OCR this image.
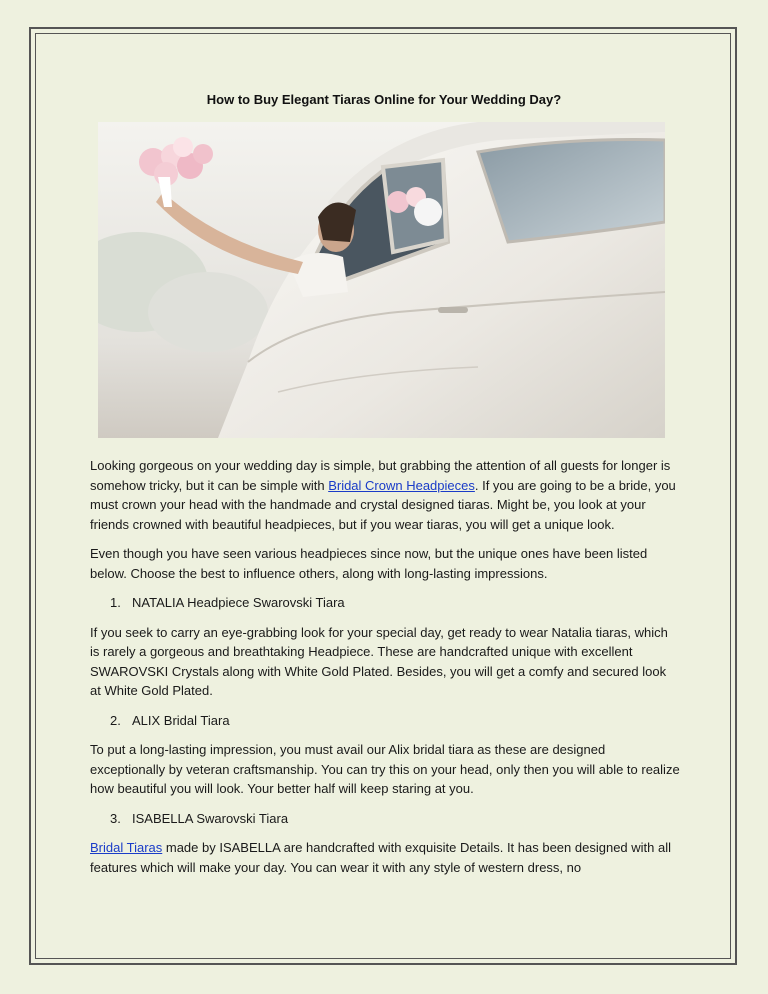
How to Buy Elegant Tiaras Online for Your Wedding Day?

Looking gorgeous on your wedding day is simple, but grabbing the attention of all guests for longer is somehow tricky, but it can be simple with Bridal Crown Headpieces. If you are going to be a bride, you must crown your head with the handmade and crystal designed tiaras. Might be, you look at your friends crowned with beautiful headpieces, but if you wear tiaras, you will get a unique look.

Even though you have seen various headpieces since now, but the unique ones have been listed below. Choose the best to influence others, along with long-lasting impressions.

1. NATALIA Headpiece Swarovski Tiara

If you seek to carry an eye-grabbing look for your special day, get ready to wear Natalia tiaras, which is rarely a gorgeous and breathtaking Headpiece. These are handcrafted unique with excellent SWAROVSKI Crystals along with White Gold Plated. Besides, you will get a comfy and secured look at White Gold Plated.

2. ALIX Bridal Tiara

To put a long-lasting impression, you must avail our Alix bridal tiara as these are designed exceptionally by veteran craftsmanship. You can try this on your head, only then you will able to realize how beautiful you will look. Your better half will keep staring at you.

3. ISABELLA Swarovski Tiara

Bridal Tiaras made by ISABELLA are handcrafted with exquisite Details. It has been designed with all features which will make your day. You can wear it with any style of western dress, no
